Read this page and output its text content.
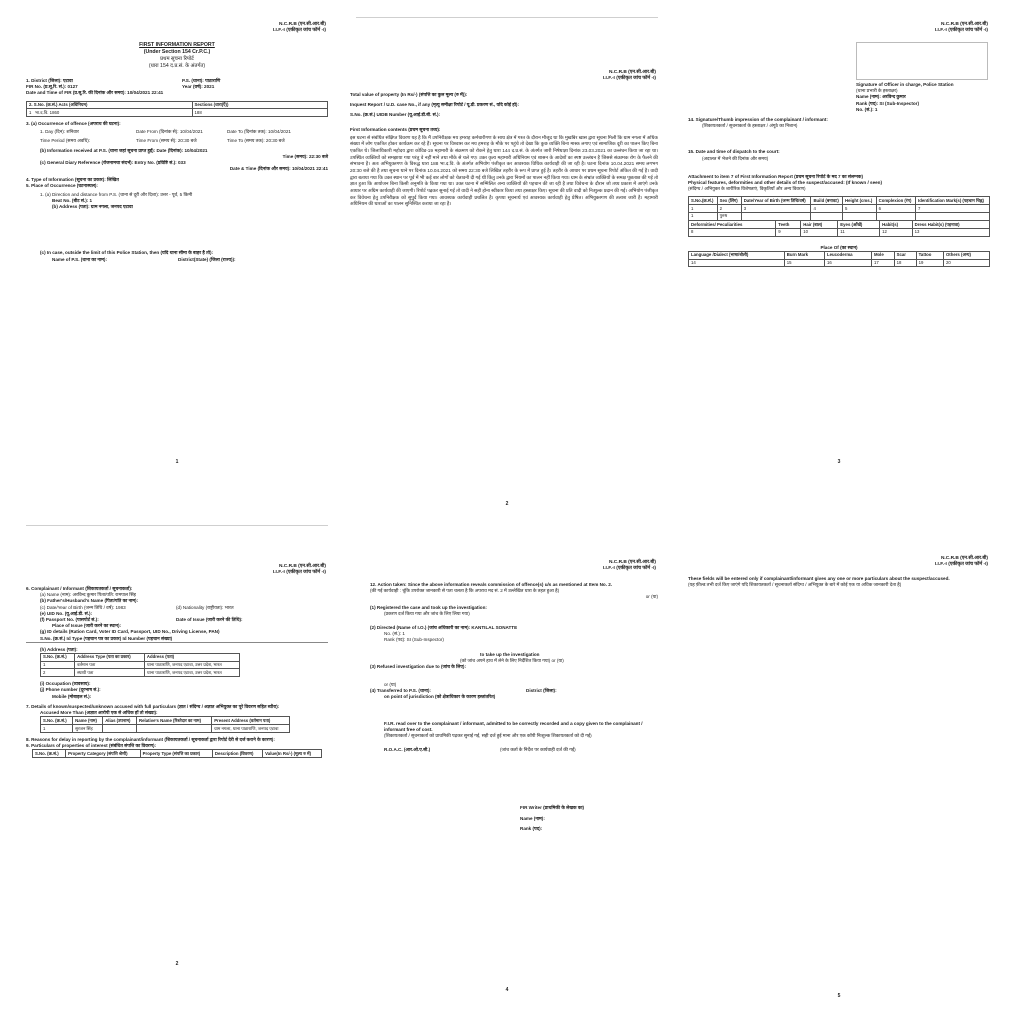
N.C.R.B (एन.सी.आर.बी)
I.I.F.-I (एकीकृत जांच फॉर्म -I)
FIRST INFORMATION REPORT
(Under Section 154 Cr.P.C.)
प्रथम सूचना रिपोर्ट
(धारा 154 द.प्र.सं. के अंतर्गत)
1. District (जिला): एटावा	P.S. (थाना): पाठाराणि
FIR No. (प्र.सू.रि. सं.): 0127	Year (वर्ष): 2021
Date and Time of FIR (प्र.सू.रि. की दिनांक और समय): 10/04/2021 22:41
2. S.No. (क्र.सं.) Acts (अधिनियम)	Sections (धारा(एँ))
1 भा.द.वि. 1860	188
3. (a) Occurrence of offence (अपराध की घटना):
1. Day (दिन): शनिवार	Date From (दिनांक से): 10/04/2021	Date To (दिनांक तक): 10/04/2021
Time Period (समय अवधि):	Time From (समय से): 20:30 बजे	Time To (समय तक): 20:30 बजे
(b) Information received at P.S. (थाना जहां सूचना प्राप्त हुई): Date (दिनांक): 10/04/2021
Time (समय): 22:30 बजे
(c) General Diary Reference (रोजनामचा संदर्भ): Entry No. (प्रविष्टि सं.): 033
Date & Time (दिनांक और समय): 10/04/2021 22:41
4. Type of Information (सूचना का प्रकार): लिखित
5. Place of Occurrence (घटनास्थल):
1. (a) Direction and distance from P.S. (थाना से दूरी और दिशा): उत्तर - पूर्व, 5 किमी
Beat No. (बीट सं.): 1
(b) Address (पता): ग्राम नगला, जनपद एटावा
(c) In case, outside the limit of this Police Station, then (यदि थाना सीमा के बाहर है तो):
Name of P.S. (थाना का नाम):	District(State) (जिला (राज्य)):
1
N.C.R.B (एन.सी.आर.बी)
I.I.F.-I (एकीकृत जांच फॉर्म -I)
Total value of property (In Rs/-) (संपत्ति का कुल मूल्य (रु में)):
Inquest Report / U.D. case No., if any (मृत्यु समीक्षा रिपोर्ट / यू.डी. प्रकरण सं., यदि कोई हो):
S.No. (क्र.सं.) UIDB Number (यू.आई.डी.बी. सं.):
First Information contents (प्रथम सूचना तथ्य):
इस घटना से संबंधित संक्षिप्त विवरण यह है कि मैं उपनिरीक्षक मय हमराह कर्मचारीगण के साथ क्षेत्र में गश्त के दौरान मौजूद था कि मुखबिर खास द्वारा सूचना मिली कि ग्राम नगला में अधिक संख्या में लोग एकत्रित होकर कार्यक्रम कर रहे हैं। सूचना पर विश्वास कर मय हमराह के मौके पर पहुंचे तो देखा कि कुछ व्यक्ति बिना मास्क लगाए एवं सामाजिक दूरी का पालन किए बिना एकत्रित थे। जिलाधिकारी महोदय द्वारा कोविड-19 महामारी के संक्रमण को रोकने हेतु धारा 144 द.प्र.सं. के अंतर्गत जारी निषेधाज्ञा दिनांक 23.03.2021 का उल्लंघन किया जा रहा था। उपस्थित व्यक्तियों को समझाया गया परंतु वे नहीं माने तथा मौके से चले गए। उक्त कृत्य महामारी अधिनियम एवं शासन के आदेशों का स्पष्ट उल्लंघन है जिससे संक्रामक रोग के फैलने की संभावना है। अतः अभियुक्तगण के विरुद्ध धारा 188 भा.द.वि. के अंतर्गत अभियोग पंजीकृत कर आवश्यक विधिक कार्यवाही की जा रही है। घटना दिनांक 10.04.2021 समय लगभग 20:30 बजे की है तथा सूचना थाने पर दिनांक 10.04.2021 को समय 22:30 बजे लिखित तहरीर के रूप में प्राप्त हुई है। तहरीर के आधार पर प्रथम सूचना रिपोर्ट अंकित की गई है। वादी द्वारा बताया गया कि उक्त स्थान पर पूर्व में भी कई बार लोगों को चेतावनी दी गई थी किंतु उनके द्वारा नियमों का पालन नहीं किया गया। ग्राम के संभ्रांत व्यक्तियों के समक्ष पूछताछ की गई तो ज्ञात हुआ कि आयोजन बिना किसी अनुमति के किया गया था। उक्त घटना में सम्मिलित अन्य व्यक्तियों की पहचान की जा रही है तथा विवेचना के दौरान जो तथ्य प्रकाश में आएंगे उनके आधार पर अग्रिम कार्यवाही की जाएगी। रिपोर्ट पढ़कर सुनाई गई तो वादी ने सही होना स्वीकार किया तथा हस्ताक्षर किए। सूचना की प्रति वादी को निःशुल्क प्रदान की गई। अभियोग पंजीकृत कर विवेचना हेतु उपनिरीक्षक को सुपुर्द किया गया। आवश्यक कार्यवाही प्रचलित है। कृपया सूचनार्थ एवं आवश्यक कार्यवाही हेतु प्रेषित। अभियुक्तगण की तलाश जारी है। महामारी अधिनियम की धाराओं का पालन सुनिश्चित कराया जा रहा है।
2
N.C.R.B (एन.सी.आर.बी)
I.I.F.-I (एकीकृत जांच फॉर्म -I)
Signature of Officer in charge, Police Station
(थाना प्रभारी के हस्ताक्षर)
Name (नाम): अरविन्द कुमार
Rank (पद): SI (Sub-Inspector)
No. (सं.): 1
14. Signature/Thumb impression of the complainant / informant:
(शिकायतकर्ता / सूचनाकर्ता के हस्ताक्षर / अंगूठे का निशान)
15. Date and time of dispatch to the court:
(अदालत में भेजने की दिनांक और समय)
Attachment to item 7 of First Information Report (प्रथम सूचना रिपोर्ट के मद 7 का संलग्नक)
Physical features, deformities and other details of the suspect/accused: (If known / seen)
(संदिग्ध / अभियुक्त के शारीरिक विशेषताएं, विकृतियाँ और अन्य विवरण)
S.No.(क्र.सं.)	Sex (लिंग)	Date/Year of Birth (जन्म तिथि/वर्ष)	Build (बनावट)	Height (cms.)	Complexion (रंग)	Identification Mark(s) (पहचान चिह्न)
1	2	3	4	5	6	7
1	पुरुष					
Deformities/ Peculiarities	Teeth	Hair (बाल)	Eyes (आँखें)	Habit(s)	Dress Habit(s) (पहनावा)
8	9	10	11	12	13
Place Of (का स्थान)
Language /Dialect (भाषा/बोली)	Burn Mark	Leucoderma	Mole	Scar	Tattoo	Others (अन्य)
14	15	16	17	18	19	20
3
N.C.R.B (एन.सी.आर.बी)
I.I.F.-I (एकीकृत जांच फॉर्म -I)
6. Complainant / Informant (शिकायतकर्ता / सूचनाकर्ता):
(a) Name (नाम): अरविन्द कुमार पिता/पति: रामपाल सिंह
(b) Father's/Husband's Name (पिता/पति का नाम):
(c) Date/Year of Birth (जन्म तिथि / वर्ष): 1983	(d) Nationality (राष्ट्रीयता): भारत
(e) UID No. (यू.आई.डी. सं.):
(f) Passport No. (पासपोर्ट सं.):	Date of Issue (जारी करने की तिथि):
Place of Issue (जारी करने का स्थान):
(g) ID details (Ration Card, Voter ID Card, Passport, UID No., Driving License, PAN)
S.No. (क्र.सं.) Id Type (पहचान पत्र का प्रकार) Id Number (पहचान संख्या)
(h) Address (पता):
S.No. (क्र.सं.)	Address Type (पता का प्रकार)	Address (पता)
1	वर्तमान पता	थाना पाठाराणि, जनपद एटावा, उत्तर प्रदेश, भारत
2	स्थायी पता	थाना पाठाराणि, जनपद एटावा, उत्तर प्रदेश, भारत
(i) Occupation (व्यवसाय):
(j) Phone number (दूरभाष सं.):
Mobile (मोबाइल सं.):
7. Details of known/suspected/unknown accused with full particulars (ज्ञात / संदिग्ध / अज्ञात अभियुक्त का पूरे विवरण सहित ब्यौरा):
Accused More Than (अज्ञात आरोपी एक से अधिक हों तो संख्या):
S.No. (क्र.सं.)	Name (नाम)	Alias (उपनाम)	Relative's Name (रिश्तेदार का नाम)	Present Address (वर्तमान पता)
1	सुरजन सिंह			ग्राम नगला, थाना पाठाराणि, जनपद एटावा
8. Reasons for delay in reporting by the complainant/informant (शिकायतकर्ता / सूचनाकर्ता द्वारा रिपोर्ट देरी से दर्ज कराने के कारण):
9. Particulars of properties of interest (संबंधित संपत्ति का विवरण):
S.No. (क्र.सं.)	Property Category (संपत्ति श्रेणी)	Property Type (संपत्ति का प्रकार)	Description (विवरण)	Value(In Rs/-) (मूल्य रु में)
2
N.C.R.B (एन.सी.आर.बी)
I.I.F.-I (एकीकृत जांच फॉर्म -I)
12. Action taken: Since the above information reveals commission of offence(s) u/s as mentioned at Item No. 2.
(की गई कार्यवाही : चूंकि उपरोक्त जानकारी से पता चलता है कि अपराध मद सं. 2 में उल्लेखित धारा के तहत हुआ है)
or (या)
(1) Registered the case and took up the investigation:
(प्रकरण दर्ज किया गया और जांच के लिए लिया गया)
(2) Directed (Name of I.O.) (जांच अधिकारी का नाम): KANTILAL SONATTE
No. (सं.): 1
Rank (पद): SI (Sub-Inspector)
to take up the investigation
(को जांच अपने हाथ में लेने के लिए निर्देशित किया गया) or (या)
(3) Refused investigation due to (जांच के लिए):
or (या)
(4) Transferred to P.S. (थाना):	District (जिला):
on point of jurisdiction (को क्षेत्राधिकार के कारण हस्तांतरित)
F.I.R. read over to the complainant / informant, admitted to be correctly recorded and a copy given to the complainant / informant free of cost.
(शिकायतकर्ता / सूचनाकर्ता को प्राथमिकी पढ़कर सुनाई गई, सही दर्ज हुई माना और एक कॉपी निःशुल्क शिकायतकर्ता को दी गई)
R.O.A.C. (आर.ओ.ए.सी.)	(जांच कर्ता के निर्देश पर कार्यवाही दर्ज की गई)
FIR Writer (प्राथमिकी के लेखक का)
Name (नाम):
Rank (पद):
4
N.C.R.B (एन.सी.आर.बी)
I.I.F.-I (एकीकृत जांच फॉर्म -I)
These fields will be entered only if complainant/informant gives any one or more particulars about the suspect/accused.
(यह फ़ील्ड तभी दर्ज किए जाएंगे यदि शिकायतकर्ता / सूचनाकर्ता संदिग्ध / अभियुक्त के बारे में कोई एक या अधिक जानकारी देता है)
5
